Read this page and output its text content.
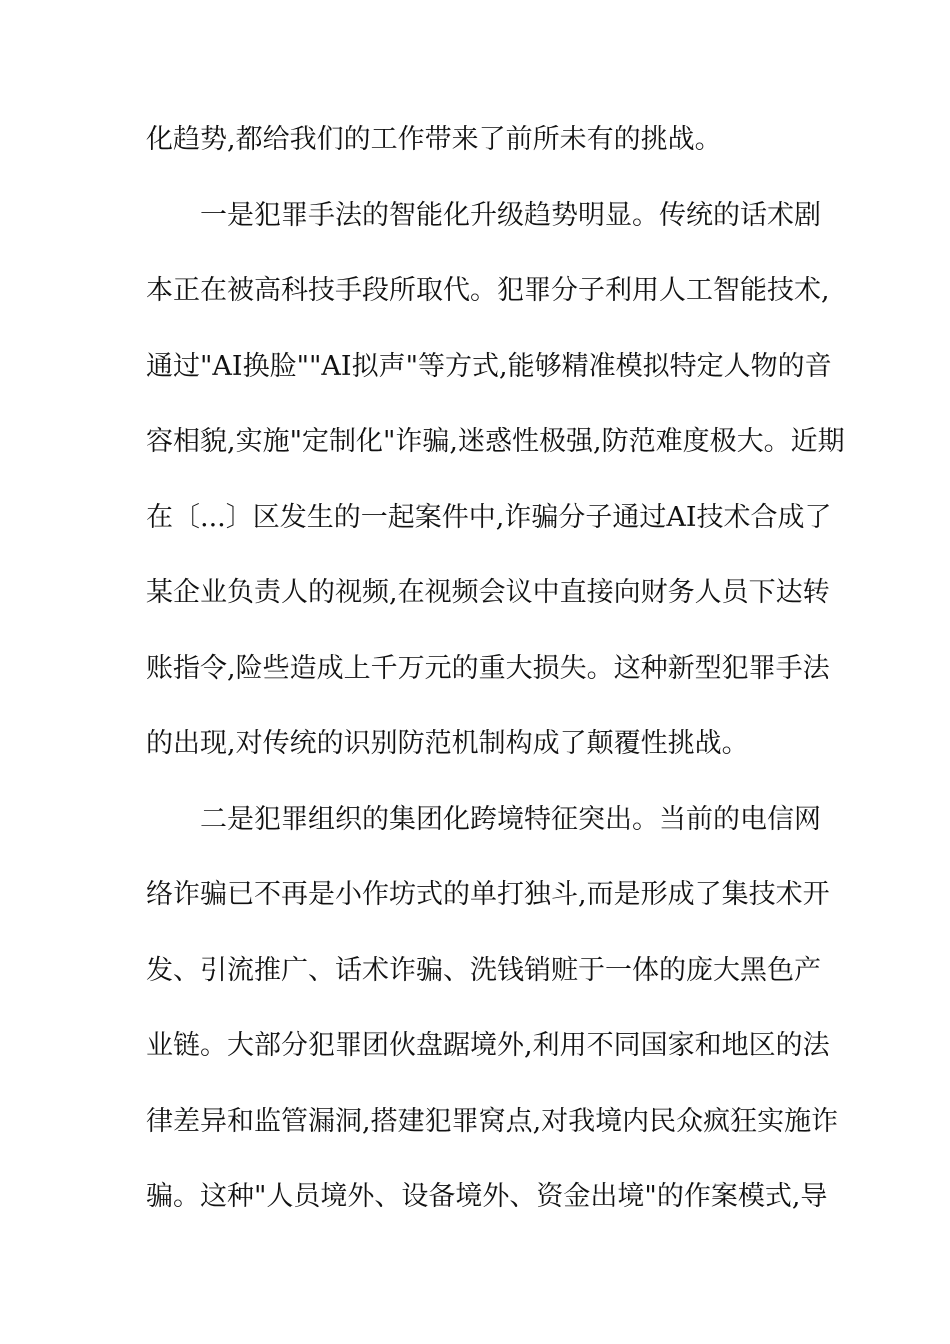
化趋势,都给我们的工作带来了前所未有的挑战。
一是犯罪手法的智能化升级趋势明显。传统的话术剧
本正在被高科技手段所取代。犯罪分子利用人工智能技术,
通过"AI换脸""AI拟声"等方式,能够精准模拟特定人物的音
容相貌,实施"定制化"诈骗,迷惑性极强,防范难度极大。近期
在〔...〕区发生的一起案件中,诈骗分子通过AI技术合成了
某企业负责人的视频,在视频会议中直接向财务人员下达转
账指令,险些造成上千万元的重大损失。这种新型犯罪手法
的出现,对传统的识别防范机制构成了颠覆性挑战。
二是犯罪组织的集团化跨境特征突出。当前的电信网
络诈骗已不再是小作坊式的单打独斗,而是形成了集技术开
发、引流推广、话术诈骗、洗钱销赃于一体的庞大黑色产
业链。大部分犯罪团伙盘踞境外,利用不同国家和地区的法
律差异和监管漏洞,搭建犯罪窝点,对我境内民众疯狂实施诈
骗。这种"人员境外、设备境外、资金出境"的作案模式,导
